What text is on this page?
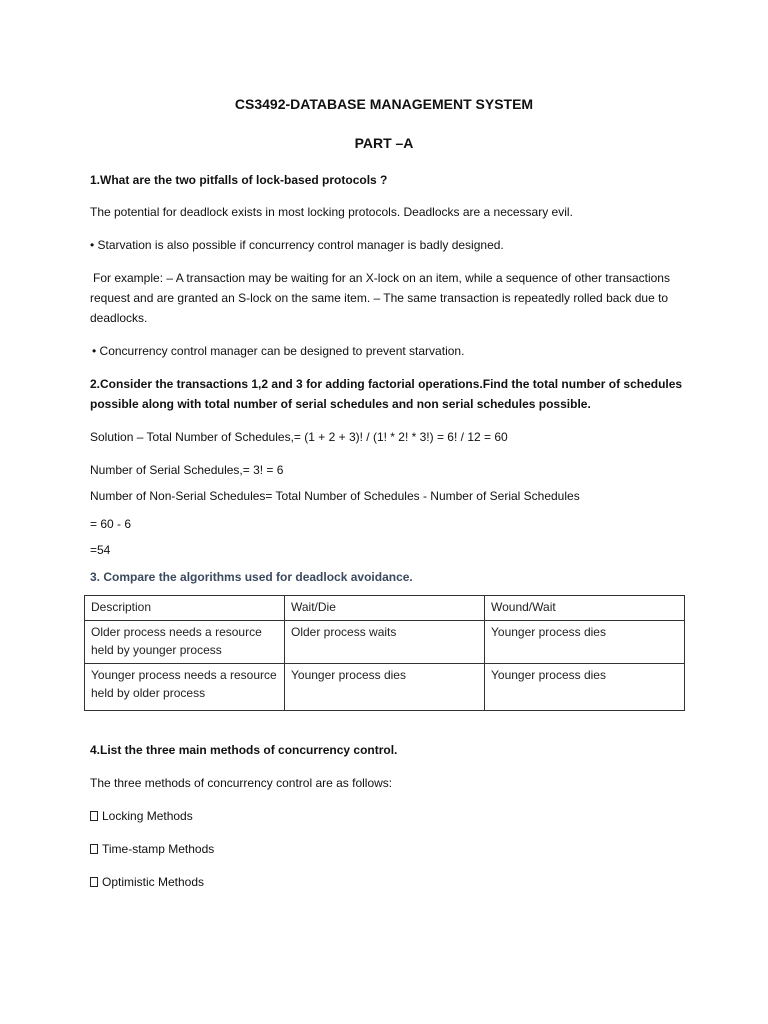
CS3492-DATABASE MANAGEMENT SYSTEM
PART –A

1.What are the two pitfalls of lock-based protocols ?

The potential for deadlock exists in most locking protocols. Deadlocks are a necessary evil.

• Starvation is also possible if concurrency control manager is badly designed.

For example: – A transaction may be waiting for an X-lock on an item, while a sequence of other transactions request and are granted an S-lock on the same item. – The same transaction is repeatedly rolled back due to deadlocks.

• Concurrency control manager can be designed to prevent starvation.

2.Consider the transactions 1,2 and 3 for adding factorial operations.Find the total number of schedules possible along with total number of serial schedules and non serial schedules possible.

Solution – Total Number of Schedules,= (1 + 2 + 3)! / (1! * 2! * 3!) = 6! / 12 = 60

Number of Serial Schedules,= 3! = 6

Number of Non-Serial Schedules= Total Number of Schedules - Number of Serial Schedules

= 60 - 6

=54

3. Compare the algorithms used for deadlock avoidance.

Description	Wait/Die	Wound/Wait
Older process needs a resource held by younger process	Older process waits	Younger process dies
Younger process needs a resource held by older process	Younger process dies	Younger process dies

4.List the three main methods of concurrency control.

The three methods of concurrency control are as follows:

Locking Methods

Time-stamp Methods

Optimistic Methods
